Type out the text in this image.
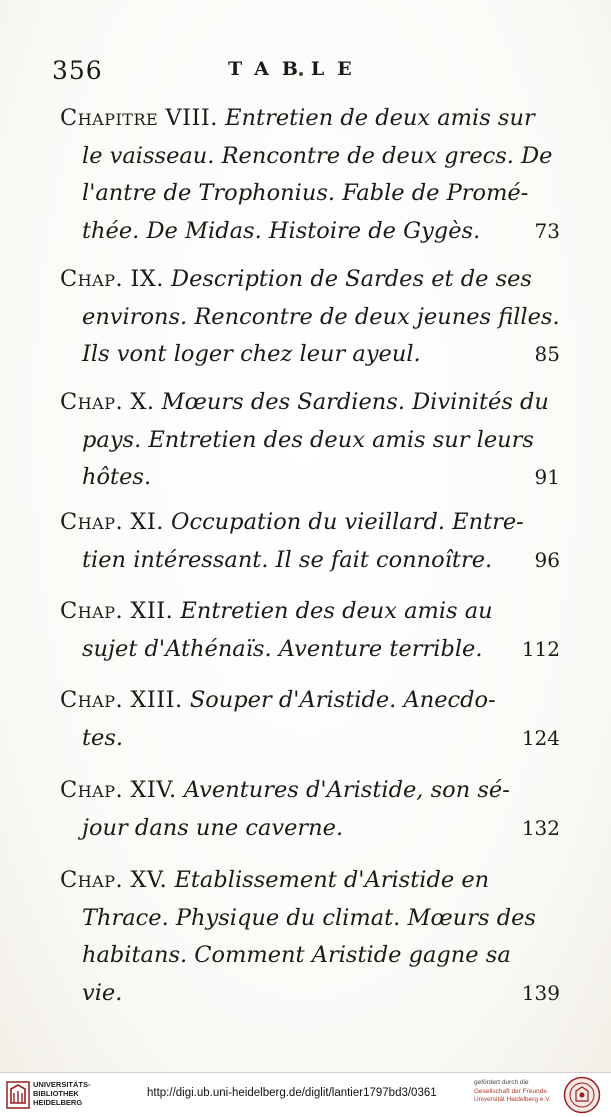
356	TABLE
Chapitre VIII. Entretien de deux amis sur
le vaisseau. Rencontre de deux grecs. De
l'antre de Trophonius. Fable de Promé-
thée. De Midas. Histoire de Gygès.	73
Chap. IX. Description de Sardes et de ses
environs. Rencontre de deux jeunes filles.
Ils vont loger chez leur ayeul.	85
Chap. X. Mœurs des Sardiens. Divinités du
pays. Entretien des deux amis sur leurs
hôtes.	91
Chap. XI. Occupation du vieillard. Entre-
tien intéressant. Il se fait connoître. 96
Chap. XII. Entretien des deux amis au
sujet d'Athénaïs. Aventure terrible. 112
Chap. XIII. Souper d'Aristide. Anecdo-
tes.	124
Chap. XIV. Aventures d'Aristide, son sé-
jour dans une caverne.	132
Chap. XV. Etablissement d'Aristide en
Thrace. Physique du climat. Mœurs des
habitans. Comment Aristide gagne sa
vie.	139
UNIVERSITÄTS-
BIBLIOTHEK
HEIDELBERG
http://digi.ub.uni-heidelberg.de/diglit/lantier1797bd3/0361
gefördert durch die
Gesellschaft der Freunde
Universität Heidelberg e.V.
